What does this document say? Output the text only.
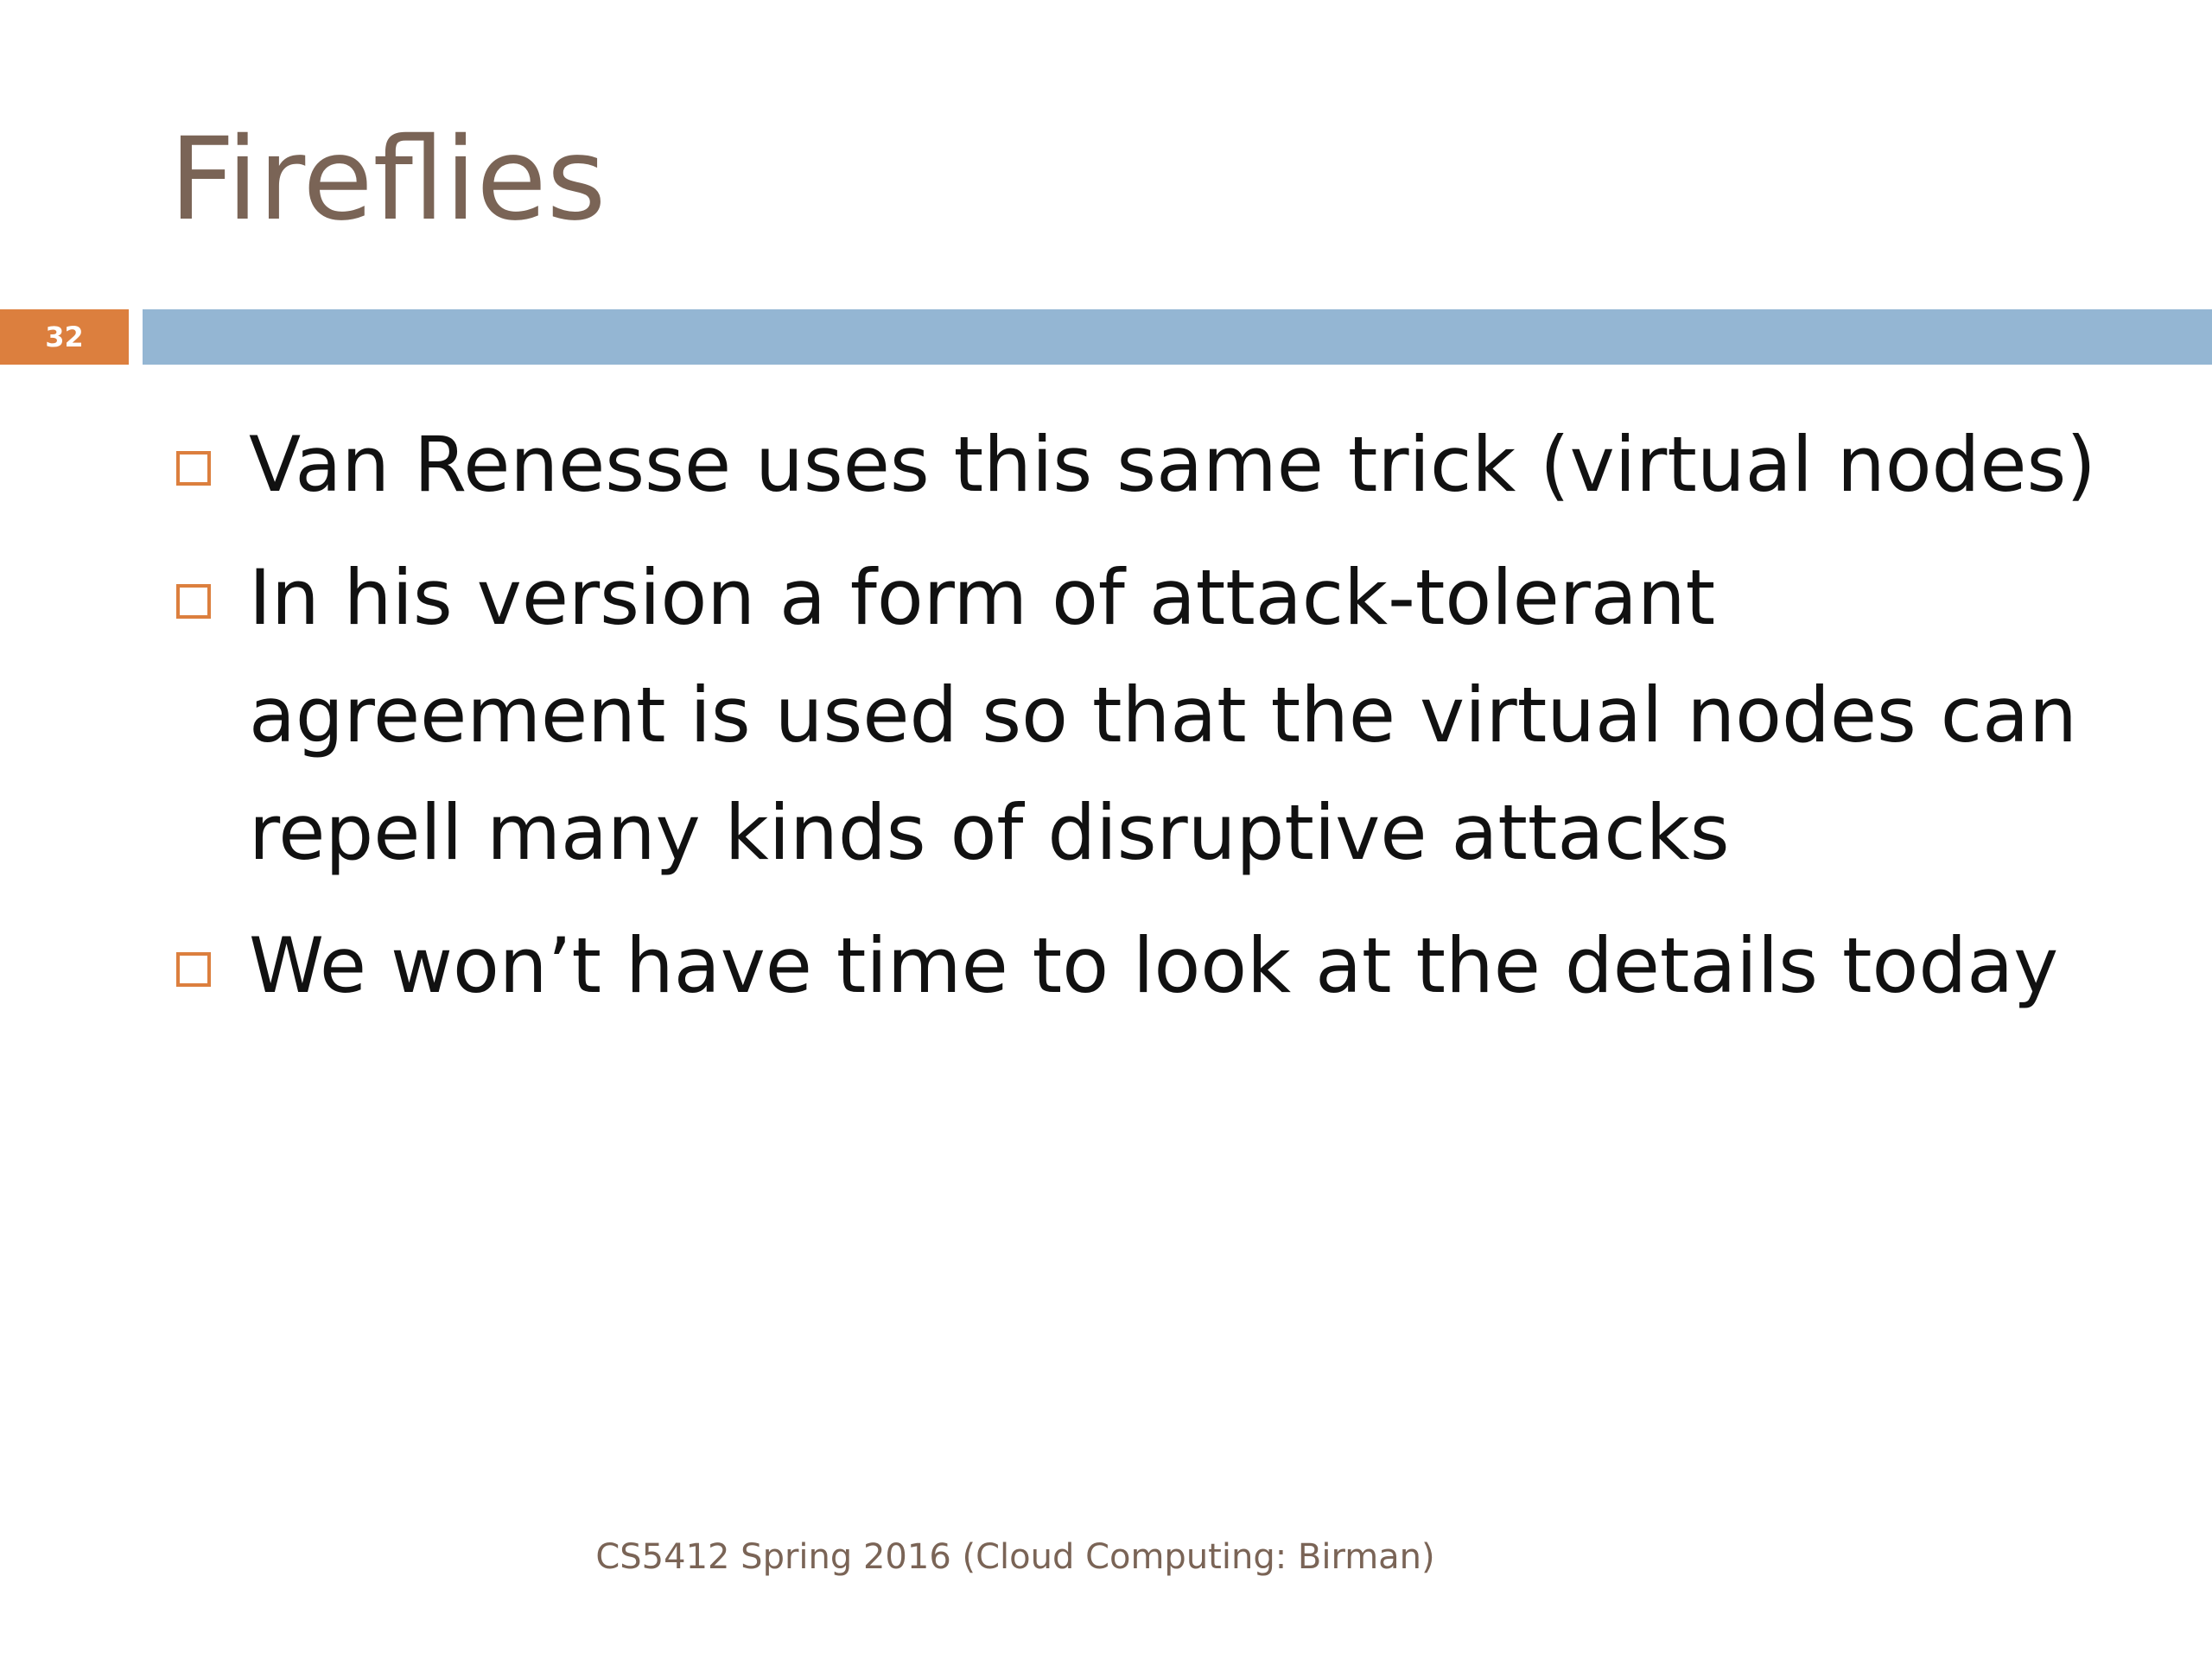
Fireflies
32
Van Renesse uses this same trick (virtual nodes)
In his version a form of attack-tolerant agreement is used so that the virtual nodes can repell many kinds of disruptive attacks
We won’t have time to look at the details today
CS5412 Spring 2016 (Cloud Computing: Birman)
